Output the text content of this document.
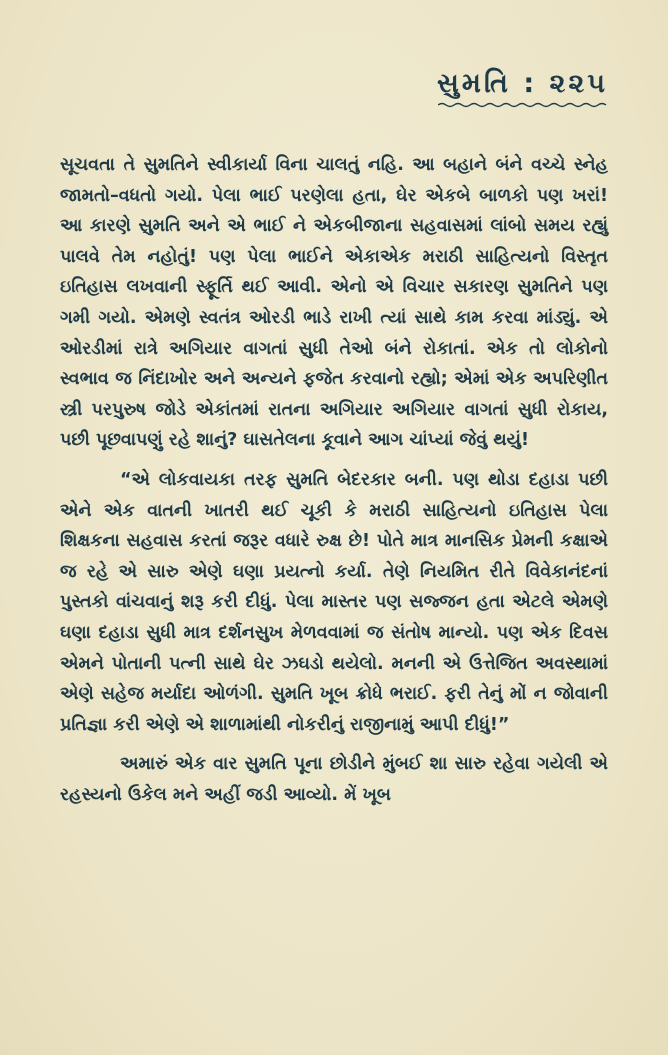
સુમતિ : ૨૨૫

સૂચવતા તે સુમતિને સ્વીકાર્યા વિના ચાલતું નહિ. આ બહાને બંને વચ્ચે સ્નેહ જામતો–વધતો ગયો. પેલા ભાઈ પરણેલા હતા, ઘેર એકબે બાળકો પણ ખરાં! આ કારણે સુમતિ અને એ ભાઈ ને એકબીજાના સહવાસમાં લાંબો સમય રહ્યું પાલવે તેમ નહોતું! પણ પેલા ભાઈને એકાએક મરાઠી સાહિત્યનો વિસ્તૃત ઇતિહાસ લખવાની સ્ફૂર્તિ થઈ આવી. એનો એ વિચાર સકારણ સુમતિને પણ ગમી ગયો. એમણે સ્વતંત્ર ઓરડી ભાડે રાખી ત્યાં સાથે કામ કરવા માંડ્યું. એ ઓરડીમાં રાત્રે અગિયાર વાગતાં સુધી તેઓ બંને રોકાતાં. એક તો લોકોનો સ્વભાવ જ નિંદાખોર અને અન્યને ફજેત કરવાનો રહ્યો; એમાં એક અપરિણીત સ્ત્રી પરપુરુષ જોડે એકાંતમાં રાતના અગિયાર અગિયાર વાગતાં સુધી રોકાય, પછી પૂછવાપણું રહે શાનું? ઘાસતેલના કૂવાને આગ ચાંપ્યાં જેવું થયું!

“એ લોકવાયકા તરફ સુમતિ બેદરકાર બની. પણ થોડા દહાડા પછી એને એક વાતની ખાતરી થઈ ચૂકી કે મરાઠી સાહિત્યનો ઇતિહાસ પેલા શિક્ષકના સહવાસ કરતાં જરૂર વધારે રુક્ષ છે! પોતે માત્ર માનસિક પ્રેમની કક્ષાએ જ રહે એ સારુ એણે ઘણા પ્રયત્નો કર્યા. તેણે નિયમિત રીતે વિવેકાનંદનાં પુસ્તકો વાંચવાનું શરૂ કરી દીધું. પેલા માસ્તર પણ સજ્જન હતા એટલે એમણે ઘણા દહાડા સુધી માત્ર દર્શનસુખ મેળવવામાં જ સંતોષ માન્યો. પણ એક દિવસ એમને પોતાની પત્ની સાથે ઘેર ઝઘડો થયેલો. મનની એ ઉત્તેજિત અવસ્થામાં એણે સહેજ મર્યાદા ઓળંગી. સુમતિ ખૂબ ક્રોધે ભરાઈ. ફરી તેનું મોં ન જોવાની પ્રતિજ્ઞા કરી એણે એ શાળામાંથી નોકરીનું રાજીનામું આપી દીધું!”

અમારું એક વાર સુમતિ પૂના છોડીને મુંબઈ શા સારુ રહેવા ગયેલી એ રહસ્યનો ઉકેલ મને અહીં જડી આવ્યો. મેં ખૂબ
